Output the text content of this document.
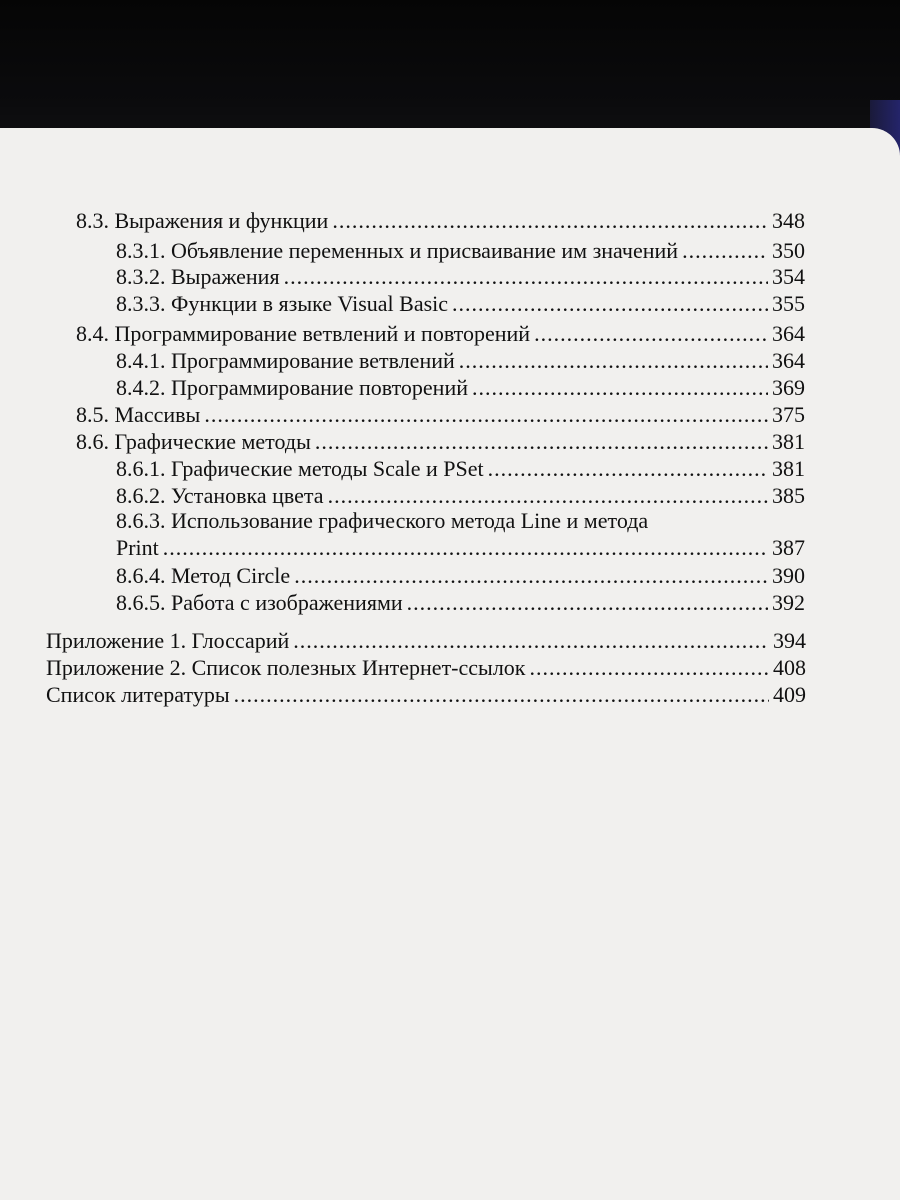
8.3. Выражения и функции .....	348
8.3.1. Объявление переменных и присваивание им значений .....	350
8.3.2. Выражения .....	354
8.3.3. Функции в языке Visual Basic .....	355
8.4. Программирование ветвлений и повторений .....	364
8.4.1. Программирование ветвлений .....	364
8.4.2. Программирование повторений .....	369
8.5. Массивы .....	375
8.6. Графические методы .....	381
8.6.1. Графические методы Scale и PSet .....	381
8.6.2. Установка цвета .....	385
8.6.3. Использование графического метода Line и метода
Print .....	387
8.6.4. Метод Circle .....	390
8.6.5. Работа с изображениями .....	392
Приложение 1. Глоссарий .....	394
Приложение 2. Список полезных Интернет-ссылок .....	408
Список литературы .....	409
